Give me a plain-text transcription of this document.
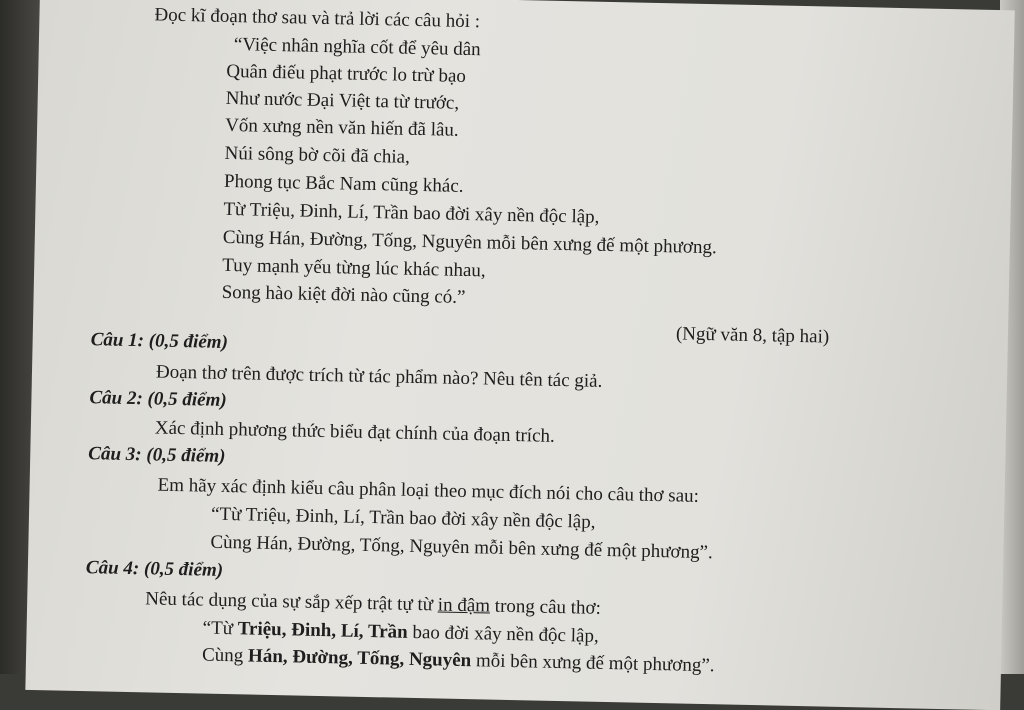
Đọc kĩ đoạn thơ sau và trả lời các câu hỏi :
“Việc nhân nghĩa cốt để yêu dân
Quân điếu phạt trước lo trừ bạo
Như nước Đại Việt ta từ trước,
Vốn xưng nền văn hiến đã lâu.
Núi sông bờ cõi đã chia,
Phong tục Bắc Nam cũng khác.
Từ Triệu, Đinh, Lí, Trần bao đời xây nền độc lập,
Cùng Hán, Đường, Tống, Nguyên mỗi bên xưng đế một phương.
Tuy mạnh yếu từng lúc khác nhau,
Song hào kiệt đời nào cũng có.”
(Ngữ văn 8, tập hai)
Câu 1: (0,5 điểm)
Đoạn thơ trên được trích từ tác phẩm nào? Nêu tên tác giả.
Câu 2: (0,5 điểm)
Xác định phương thức biểu đạt chính của đoạn trích.
Câu 3: (0,5 điểm)
Em hãy xác định kiểu câu phân loại theo mục đích nói cho câu thơ sau:
“Từ Triệu, Đinh, Lí, Trần bao đời xây nền độc lập,
Cùng Hán, Đường, Tống, Nguyên mỗi bên xưng đế một phương”.
Câu 4: (0,5 điểm)
Nêu tác dụng của sự sắp xếp trật tự từ in đậm trong câu thơ:
“Từ Triệu, Đinh, Lí, Trần bao đời xây nền độc lập,
Cùng Hán, Đường, Tống, Nguyên mỗi bên xưng đế một phương”.
